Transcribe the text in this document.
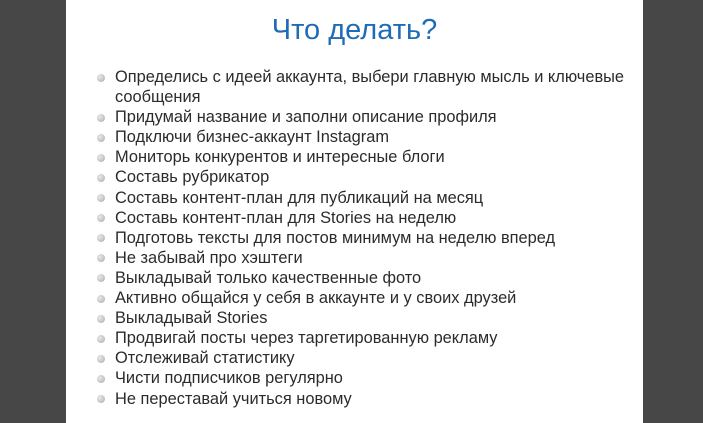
Что делать?
Определись с идеей аккаунта, выбери главную мысль и ключевые сообщения
Придумай название и заполни описание профиля
Подключи бизнес-аккаунт Instagram
Мониторь конкурентов и интересные блоги
Составь рубрикатор
Составь контент-план для публикаций на месяц
Составь контент-план для Stories на неделю
Подготовь тексты для постов минимум на неделю вперед
Не забывай про хэштеги
Выкладывай только качественные фото
Активно общайся у себя в аккаунте и у своих друзей
Выкладывай Stories
Продвигай посты через таргетированную рекламу
Отслеживай статистику
Чисти подписчиков регулярно
Не переставай учиться новому
